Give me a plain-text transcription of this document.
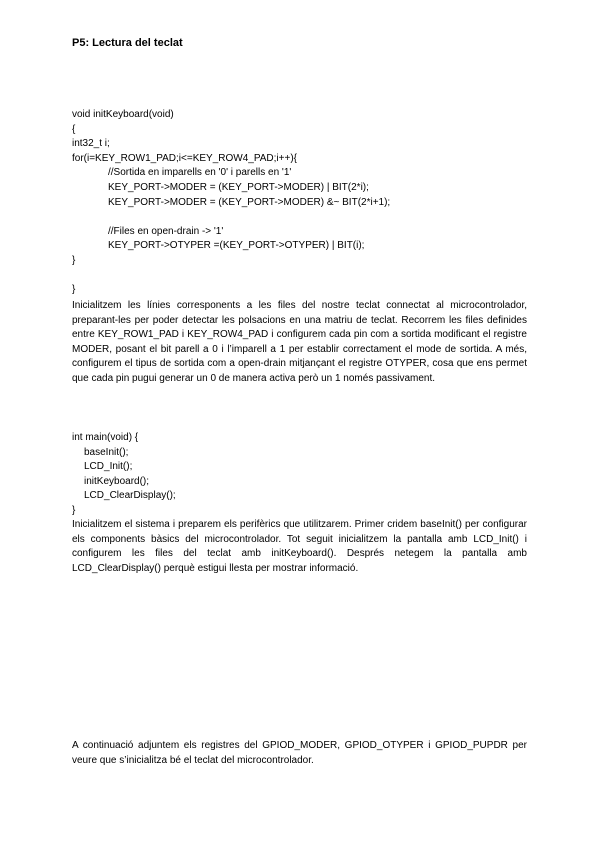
P5: Lectura del teclat
void initKeyboard(void)
{
int32_t i;
for(i=KEY_ROW1_PAD;i<=KEY_ROW4_PAD;i++){
//Sortida en imparells en '0' i parells en '1'
KEY_PORT->MODER = (KEY_PORT->MODER) | BIT(2*i);
KEY_PORT->MODER = (KEY_PORT->MODER) &~ BIT(2*i+1);
//Files en open-drain -> '1'
KEY_PORT->OTYPER =(KEY_PORT->OTYPER) | BIT(i);
}
}

Inicialitzem les línies corresponents a les files del nostre teclat connectat al microcontrolador, preparant-les per poder detectar les polsacions en una matriu de teclat. Recorrem les files definides entre KEY_ROW1_PAD i KEY_ROW4_PAD i configurem cada pin com a sortida modificant el registre MODER, posant el bit parell a 0 i l’imparell a 1 per establir correctament el mode de sortida. A més, configurem el tipus de sortida com a open-drain mitjançant el registre OTYPER, cosa que ens permet que cada pin pugui generar un 0 de manera activa però un 1 només passivament.

int main(void) {
baseInit();
LCD_Init();
initKeyboard();
LCD_ClearDisplay();
}

Inicialitzem el sistema i preparem els perifèrics que utilitzarem. Primer cridem baseInit() per configurar els components bàsics del microcontrolador. Tot seguit inicialitzem la pantalla amb LCD_Init() i configurem les files del teclat amb initKeyboard(). Després netegem la pantalla amb LCD_ClearDisplay() perquè estigui llesta per mostrar informació.

A continuació adjuntem els registres del GPIOD_MODER, GPIOD_OTYPER i GPIOD_PUPDR per veure que s’inicialitza bé el teclat del microcontrolador.
